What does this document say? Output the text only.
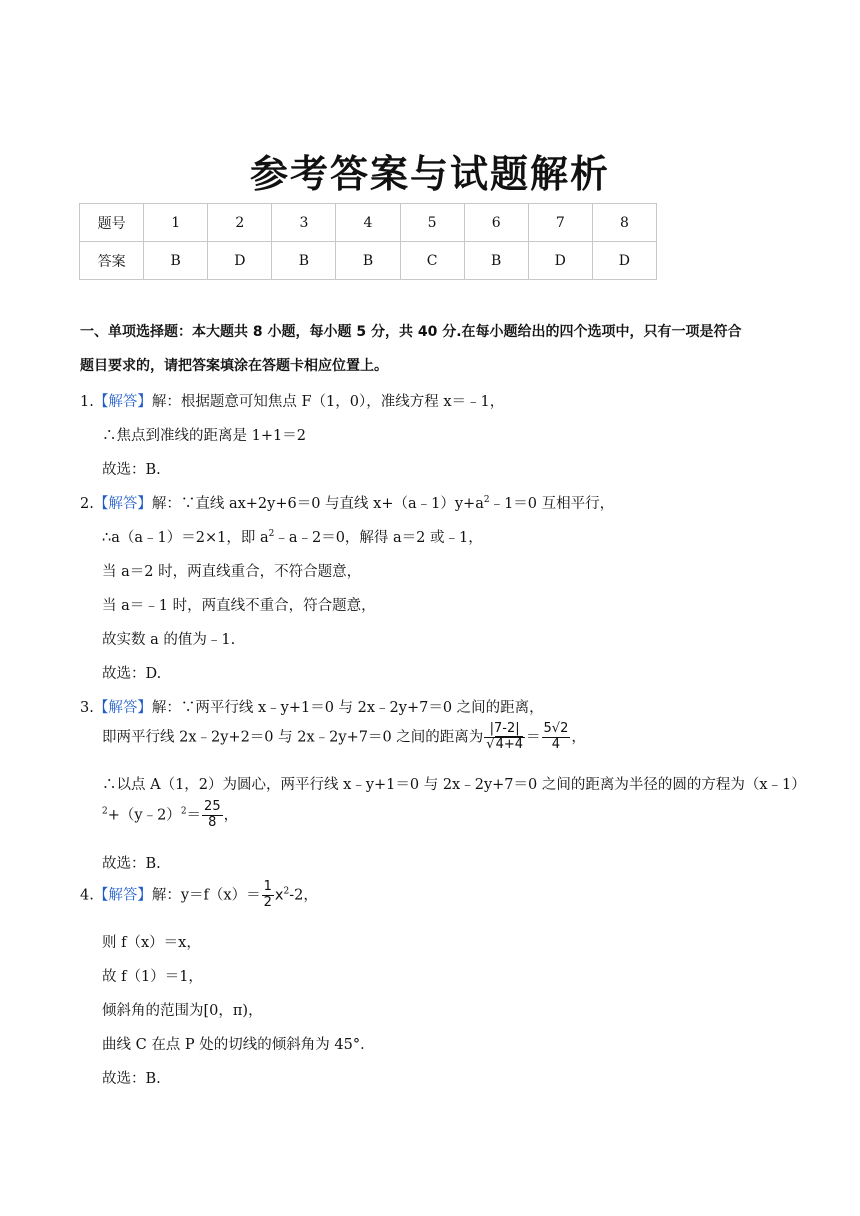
参考答案与试题解析
题号	1	2	3	4	5	6	7	8
答案	B	D	B	B	C	B	D	D
一、单项选择题：本大题共 8 小题，每小题 5 分，共 40 分.在每小题给出的四个选项中，只有一项是符合
题目要求的，请把答案填涂在答题卡相应位置上。
1.【解答】解：根据题意可知焦点 F（1，0），准线方程 x＝﹣1，
∴焦点到准线的距离是 1+1＝2
故选：B.
2.【解答】解：∵直线 ax+2y+6＝0 与直线 $x+(a﹣1)y+a^2﹣1=0$ 互相平行，
∴a（a﹣1）＝2×1，即 $a^2﹣a﹣2=0$，解得 a＝2 或﹣1，
当 a＝2 时，两直线重合，不符合题意，
当 a＝﹣1 时，两直线不重合，符合题意，
故实数 a 的值为﹣1.
故选：D.
3.【解答】解：∵两平行线 x﹣y+1＝0 与 2x﹣2y+7＝0 之间的距离，
即两平行线 2x﹣2y+2＝0 与 2x﹣2y+7＝0 之间的距离为 $\frac{|7-2|}{√4+4} = \frac{5√2}{4}$ ，
∴以点 A（1，2）为圆心，两平行线 x﹣y+1＝0 与 2x﹣2y+7＝0 之间的距离为半径的圆的方程为（x﹣1）
$^2$+（y﹣2）$^2$＝ $\frac{25}{8}$ ，
故选：B.
4.【解答】解：$y=f(x)= \frac{1}{2} x^2-2$，
则 f（x）＝x，
故 f（1）＝1，
倾斜角的范围为[0，π)，
曲线 C 在点 P 处的切线的倾斜角为 45°．
故选：B.
